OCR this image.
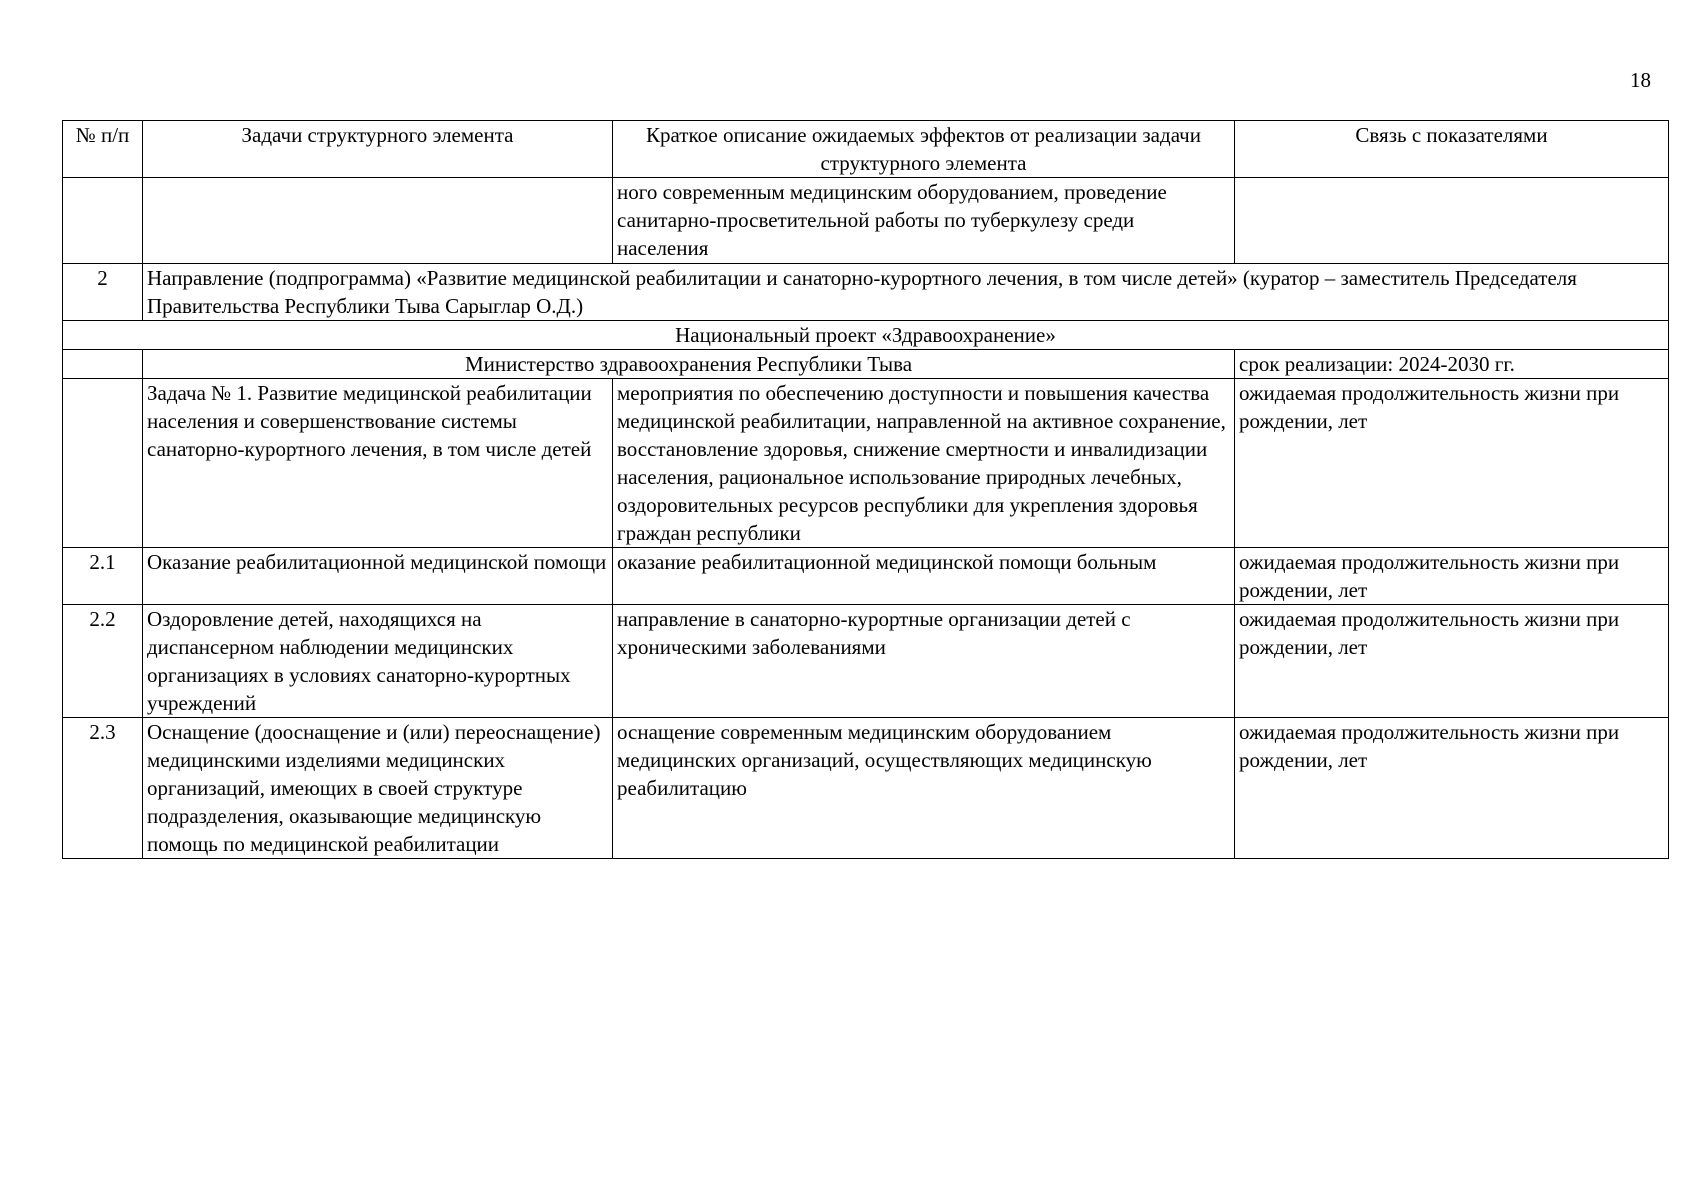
18
№ п/п	Задачи структурного элемента	Краткое описание ожидаемых эффектов от реализации задачи структурного элемента	Связь с показателями
		ного современным медицинским оборудованием, проведение санитарно-просветительной работы по туберкулезу среди населения	
2	Направление (подпрограмма) «Развитие медицинской реабилитации и санаторно-курортного лечения, в том числе детей» (куратор – заместитель Председателя Правительства Республики Тыва Сарыглар О.Д.)		
Национальный проект «Здравоохранение»			
	Министерство здравоохранения Республики Тыва		срок реализации: 2024-2030 гг.
	Задача № 1. Развитие медицинской реабилитации населения и совершенствование системы санаторно-курортного лечения, в том числе детей	мероприятия по обеспечению доступности и повышения качества медицинской реабилитации, направленной на активное сохранение, восстановление здоровья, снижение смертности и инвалидизации населения, рациональное использование природных лечебных, оздоровительных ресурсов республики для укрепления здоровья граждан республики	ожидаемая продолжительность жизни при рождении, лет
2.1	Оказание реабилитационной медицинской помощи	оказание реабилитационной медицинской помощи больным	ожидаемая продолжительность жизни при рождении, лет
2.2	Оздоровление детей, находящихся на диспансерном наблюдении медицинских организациях в условиях санаторно-курортных учреждений	направление в санаторно-курортные организации детей с хроническими заболеваниями	ожидаемая продолжительность жизни при рождении, лет
2.3	Оснащение (дооснащение и (или) переоснащение) медицинскими изделиями медицинских организаций, имеющих в своей структуре подразделения, оказывающие медицинскую помощь по медицинской реабилитации	оснащение современным медицинским оборудованием медицинских организаций, осуществляющих медицинскую реабилитацию	ожидаемая продолжительность жизни при рождении, лет
